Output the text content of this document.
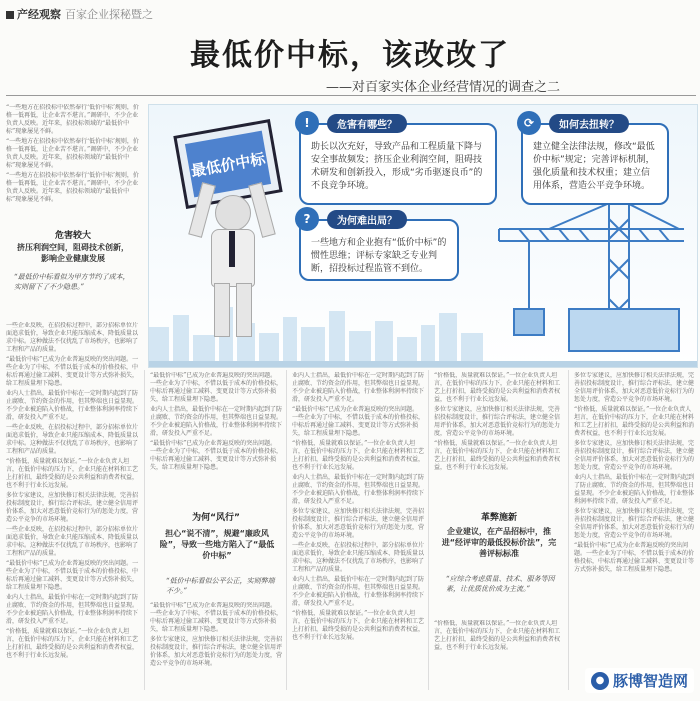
产经观察 百家企业探秘暨之
最低价中标，该改改了
——对百家实体企业经营情况的调查之二
最低价中标
!	危害有哪些？
助长以次充好，导致产品和工程质量下降与安全事故频发；挤压企业利润空间，阻碍技术研发和创新投入，形成“劣币驱逐良币”的不良竞争环境。
⟳	如何去扭转？
建立健全法律法规，修改“最低价中标”规定；完善评标机制，强化质量和技术权重；建立信用体系，营造公平竞争环境。
?	为何难出局？
一些地方和企业抱有“低价中标”的惯性思维；评标专家缺乏专业判断，招投标过程监管不到位。
“一些地方在招投标中依然奉行‘低价中标’规则，价格一低再低，让企业苦不堪言。”调研中，不少企业负责人反映。近年来，招投标领域的“最低价中标”现象屡见不鲜。
“一些地方在招投标中依然奉行‘低价中标’规则，价格一低再低，让企业苦不堪言。”调研中，不少企业负责人反映。近年来，招投标领域的“最低价中标”现象屡见不鲜。
“一些地方在招投标中依然奉行‘低价中标’规则，价格一低再低，让企业苦不堪言。”调研中，不少企业负责人反映。近年来，招投标领域的“最低价中标”现象屡见不鲜。
危害较大
挤压利润空间，阻碍技术创新，影响企业健康发展
“最低价中标看似为甲方节约了成本，实则留下了不少隐患。”
一些企业反映，在招投标过程中，部分招标单位片面追求低价，导致企业只能压缩成本、降低质量以求中标。这种做法不仅扰乱了市场秩序，也影响了工程和产品的质量。
“最低价中标”已成为企业普遍反映的突出问题。一些企业为了中标，不惜以低于成本的价格投标，中标后再通过偷工减料、变更设计等方式弥补损失，给工程质量埋下隐患。
业内人士指出，最低价中标在一定时期内起到了防止腐败、节约资金的作用，但其弊端也日益显现。不少企业被迫陷入价格战，行业整体利润率持续下滑，研发投入严重不足。
一些企业反映，在招投标过程中，部分招标单位片面追求低价，导致企业只能压缩成本、降低质量以求中标。这种做法不仅扰乱了市场秩序，也影响了工程和产品的质量。
“价格低，质量就难以保证。”一位企业负责人坦言，在低价中标的压力下，企业只能在材料和工艺上打折扣，最终受损的是公共利益和消费者权益，也不利于行业长远发展。
多位专家建议，应加快修订相关法律法规，完善招投标制度设计，推行综合评标法，建立健全信用评价体系，加大对恶意低价竞标行为的惩处力度，营造公平竞争的市场环境。
一些企业反映，在招投标过程中，部分招标单位片面追求低价，导致企业只能压缩成本、降低质量以求中标。这种做法不仅扰乱了市场秩序，也影响了工程和产品的质量。
“最低价中标”已成为企业普遍反映的突出问题。一些企业为了中标，不惜以低于成本的价格投标，中标后再通过偷工减料、变更设计等方式弥补损失，给工程质量埋下隐患。
业内人士指出，最低价中标在一定时期内起到了防止腐败、节约资金的作用，但其弊端也日益显现。不少企业被迫陷入价格战，行业整体利润率持续下滑，研发投入严重不足。
“价格低，质量就难以保证。”一位企业负责人坦言，在低价中标的压力下，企业只能在材料和工艺上打折扣，最终受损的是公共利益和消费者权益，也不利于行业长远发展。
“最低价中标”已成为企业普遍反映的突出问题。一些企业为了中标，不惜以低于成本的价格投标，中标后再通过偷工减料、变更设计等方式弥补损失，给工程质量埋下隐患。
业内人士指出，最低价中标在一定时期内起到了防止腐败、节约资金的作用，但其弊端也日益显现。不少企业被迫陷入价格战，行业整体利润率持续下滑，研发投入严重不足。
“最低价中标”已成为企业普遍反映的突出问题。一些企业为了中标，不惜以低于成本的价格投标，中标后再通过偷工减料、变更设计等方式弥补损失，给工程质量埋下隐患。
为何“风行”
担心“说不清”，规避“廉政风险”，导致一些地方陷入了“最低价中标”
“低价中标看似公平公正，实则弊端不少。”
“最低价中标”已成为企业普遍反映的突出问题。一些企业为了中标，不惜以低于成本的价格投标，中标后再通过偷工减料、变更设计等方式弥补损失，给工程质量埋下隐患。
多位专家建议，应加快修订相关法律法规，完善招投标制度设计，推行综合评标法，建立健全信用评价体系，加大对恶意低价竞标行为的惩处力度，营造公平竞争的市场环境。
业内人士指出，最低价中标在一定时期内起到了防止腐败、节约资金的作用，但其弊端也日益显现。不少企业被迫陷入价格战，行业整体利润率持续下滑，研发投入严重不足。
“最低价中标”已成为企业普遍反映的突出问题。一些企业为了中标，不惜以低于成本的价格投标，中标后再通过偷工减料、变更设计等方式弥补损失，给工程质量埋下隐患。
“价格低，质量就难以保证。”一位企业负责人坦言，在低价中标的压力下，企业只能在材料和工艺上打折扣，最终受损的是公共利益和消费者权益，也不利于行业长远发展。
业内人士指出，最低价中标在一定时期内起到了防止腐败、节约资金的作用，但其弊端也日益显现。不少企业被迫陷入价格战，行业整体利润率持续下滑，研发投入严重不足。
多位专家建议，应加快修订相关法律法规，完善招投标制度设计，推行综合评标法，建立健全信用评价体系，加大对恶意低价竞标行为的惩处力度，营造公平竞争的市场环境。
一些企业反映，在招投标过程中，部分招标单位片面追求低价，导致企业只能压缩成本、降低质量以求中标。这种做法不仅扰乱了市场秩序，也影响了工程和产品的质量。
业内人士指出，最低价中标在一定时期内起到了防止腐败、节约资金的作用，但其弊端也日益显现。不少企业被迫陷入价格战，行业整体利润率持续下滑，研发投入严重不足。
“价格低，质量就难以保证。”一位企业负责人坦言，在低价中标的压力下，企业只能在材料和工艺上打折扣，最终受损的是公共利益和消费者权益，也不利于行业长远发展。
“价格低，质量就难以保证。”一位企业负责人坦言，在低价中标的压力下，企业只能在材料和工艺上打折扣，最终受损的是公共利益和消费者权益，也不利于行业长远发展。
多位专家建议，应加快修订相关法律法规，完善招投标制度设计，推行综合评标法，建立健全信用评价体系，加大对恶意低价竞标行为的惩处力度，营造公平竞争的市场环境。
“价格低，质量就难以保证。”一位企业负责人坦言，在低价中标的压力下，企业只能在材料和工艺上打折扣，最终受损的是公共利益和消费者权益，也不利于行业长远发展。
革弊施新
企业建议，在产品招标中，推进“经评审的最低投标价法”，完善评标标准
“应综合考虑质量、技术、服务等因素，让优质优价成为主流。”
“价格低，质量就难以保证。”一位企业负责人坦言，在低价中标的压力下，企业只能在材料和工艺上打折扣，最终受损的是公共利益和消费者权益，也不利于行业长远发展。
多位专家建议，应加快修订相关法律法规，完善招投标制度设计，推行综合评标法，建立健全信用评价体系，加大对恶意低价竞标行为的惩处力度，营造公平竞争的市场环境。
“价格低，质量就难以保证。”一位企业负责人坦言，在低价中标的压力下，企业只能在材料和工艺上打折扣，最终受损的是公共利益和消费者权益，也不利于行业长远发展。
多位专家建议，应加快修订相关法律法规，完善招投标制度设计，推行综合评标法，建立健全信用评价体系，加大对恶意低价竞标行为的惩处力度，营造公平竞争的市场环境。
业内人士指出，最低价中标在一定时期内起到了防止腐败、节约资金的作用，但其弊端也日益显现。不少企业被迫陷入价格战，行业整体利润率持续下滑，研发投入严重不足。
多位专家建议，应加快修订相关法律法规，完善招投标制度设计，推行综合评标法，建立健全信用评价体系，加大对恶意低价竞标行为的惩处力度，营造公平竞争的市场环境。
“最低价中标”已成为企业普遍反映的突出问题。一些企业为了中标，不惜以低于成本的价格投标，中标后再通过偷工减料、变更设计等方式弥补损失，给工程质量埋下隐患。
● 豚博智造网
